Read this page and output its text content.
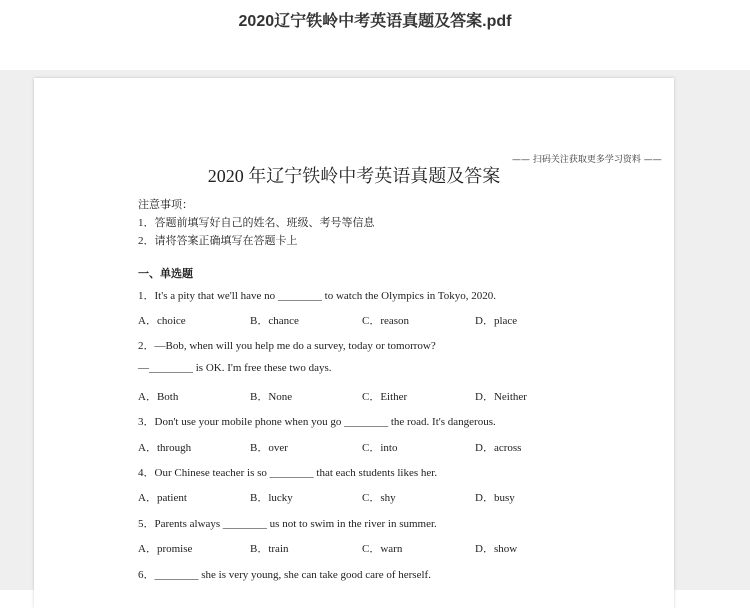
2020辽宁铁岭中考英语真题及答案.pdf
—— 扫码关注获取更多学习资料 ——
2020 年辽宁铁岭中考英语真题及答案
注意事项：
1．答题前填写好自己的姓名、班级、考号等信息
2．请将答案正确填写在答题卡上
一、单选题
1．It's a pity that we'll have no ________ to watch the Olympics in Tokyo, 2020.
A．choice	B．chance	C．reason	D．place
2．—Bob, when will you help me do a survey, today or tomorrow?
—________ is OK. I'm free these two days.
A．Both	B．None	C．Either	D．Neither
3．Don't use your mobile phone when you go ________ the road. It's dangerous.
A．through	B．over	C．into	D．across
4．Our Chinese teacher is so ________ that each students likes her.
A．patient	B．lucky	C．shy	D．busy
5．Parents always ________ us not to swim in the river in summer.
A．promise	B．train	C．warn	D．show
6．________ she is very young, she can take good care of herself.
